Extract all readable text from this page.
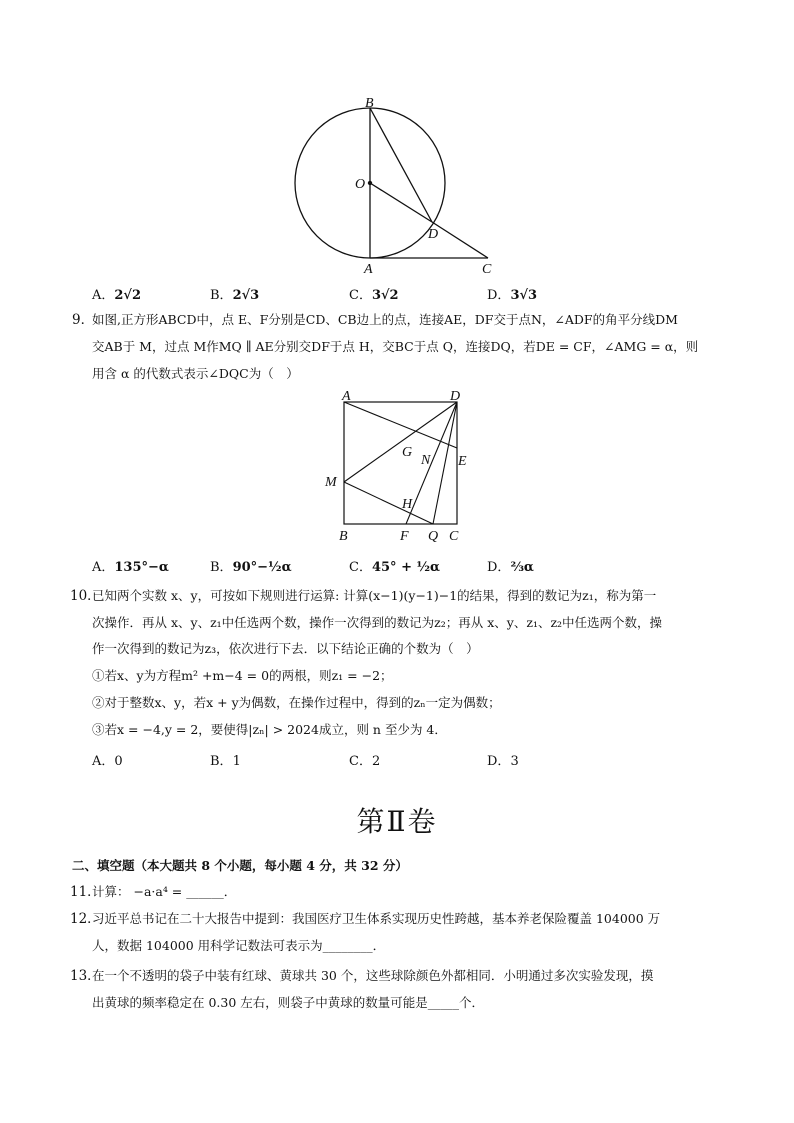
B
O
D
A	C
A．2√2	B．2√3	C．3√2	D．3√3
9．
如图,正方形ABCD中，点 E、F分别是CD、CB边上的点，连接AE，DF交于点N，∠ADF的角平分线DM
交AB于 M，过点 M作MQ ∥ AE分别交DF于点 H，交BC于点 Q，连接DQ，若DE = CF，∠AMG = α，则
用含 α 的代数式表示∠DQC为（　）
A	D
G
N E
M
H
B	F Q C
A．135°−α	B．90°−½α	C．45° + ½α	D．⅔α
10．
已知两个实数 x、y，可按如下规则进行运算: 计算(x−1)(y−1)−1的结果，得到的数记为z₁，称为第一
次操作．再从 x、y、z₁中任选两个数，操作一次得到的数记为z₂；再从 x、y、z₁、z₂中任选两个数，操
作一次得到的数记为z₃，依次进行下去．以下结论正确的个数为（　）
①若x、y为方程m² +m−4 = 0的两根，则z₁ = −2；
②对于整数x、y，若x + y为偶数，在操作过程中，得到的zₙ一定为偶数；
③若x = −4,y = 2，要使得|zₙ| > 2024成立，则 n 至少为 4．
A．0	B．1	C．2	D．3
第Ⅱ卷
二、填空题（本大题共 8 个小题，每小题 4 分，共 32 分）
11．
计算： −a·a⁴ = ______．
12．
习近平总书记在二十大报告中提到：我国医疗卫生体系实现历史性跨越，基本养老保险覆盖 104000 万
人，数据 104000 用科学记数法可表示为________．
13．
在一个不透明的袋子中装有红球、黄球共 30 个，这些球除颜色外都相同．小明通过多次实验发现，摸
出黄球的频率稳定在 0.30 左右，则袋子中黄球的数量可能是_____个．
